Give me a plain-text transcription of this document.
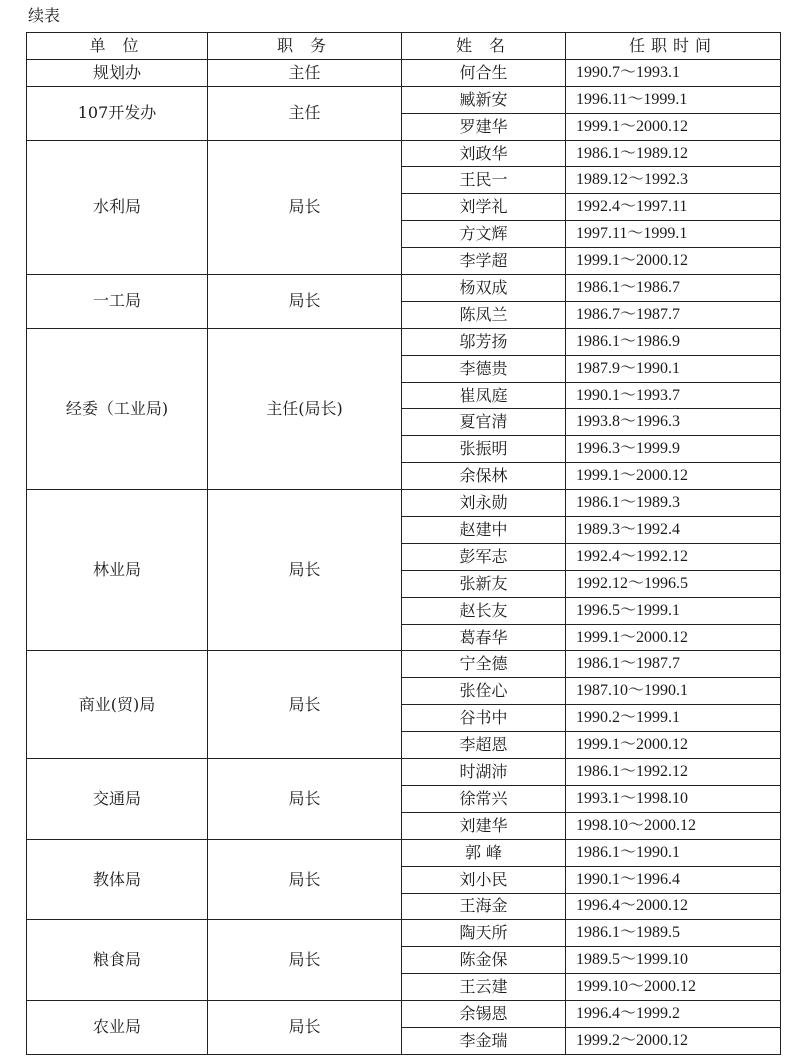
续表
单 位	职 务	姓 名	任职时间
规划办	主任	何合生	1990.7～1993.1
107开发办	主任	臧新安	1996.11～1999.1
		罗建华	1999.1～2000.12
水利局	局长	刘政华	1986.1～1989.12
		王民一	1989.12～1992.3
		刘学礼	1992.4～1997.11
		方文辉	1997.11～1999.1
		李学超	1999.1～2000.12
一工局	局长	杨双成	1986.1～1986.7
		陈凤兰	1986.7～1987.7
经委（工业局)	主任(局长)	邬芳扬	1986.1～1986.9
		李德贵	1987.9～1990.1
		崔凤庭	1990.1～1993.7
		夏官清	1993.8～1996.3
		张振明	1996.3～1999.9
		余保林	1999.1～2000.12
林业局	局长	刘永勋	1986.1～1989.3
		赵建中	1989.3～1992.4
		彭军志	1992.4～1992.12
		张新友	1992.12～1996.5
		赵长友	1996.5～1999.1
		葛春华	1999.1～2000.12
商业(贸)局	局长	宁全德	1986.1～1987.7
		张佺心	1987.10～1990.1
		谷书中	1990.2～1999.1
		李超恩	1999.1～2000.12
交通局	局长	时湖沛	1986.1～1992.12
		徐常兴	1993.1～1998.10
		刘建华	1998.10～2000.12
教体局	局长	郭 峰	1986.1～1990.1
		刘小民	1990.1～1996.4
		王海金	1996.4～2000.12
粮食局	局长	陶天所	1986.1～1989.5
		陈金保	1989.5～1999.10
		王云建	1999.10～2000.12
农业局	局长	余锡恩	1996.4～1999.2
		李金瑞	1999.2～2000.12
